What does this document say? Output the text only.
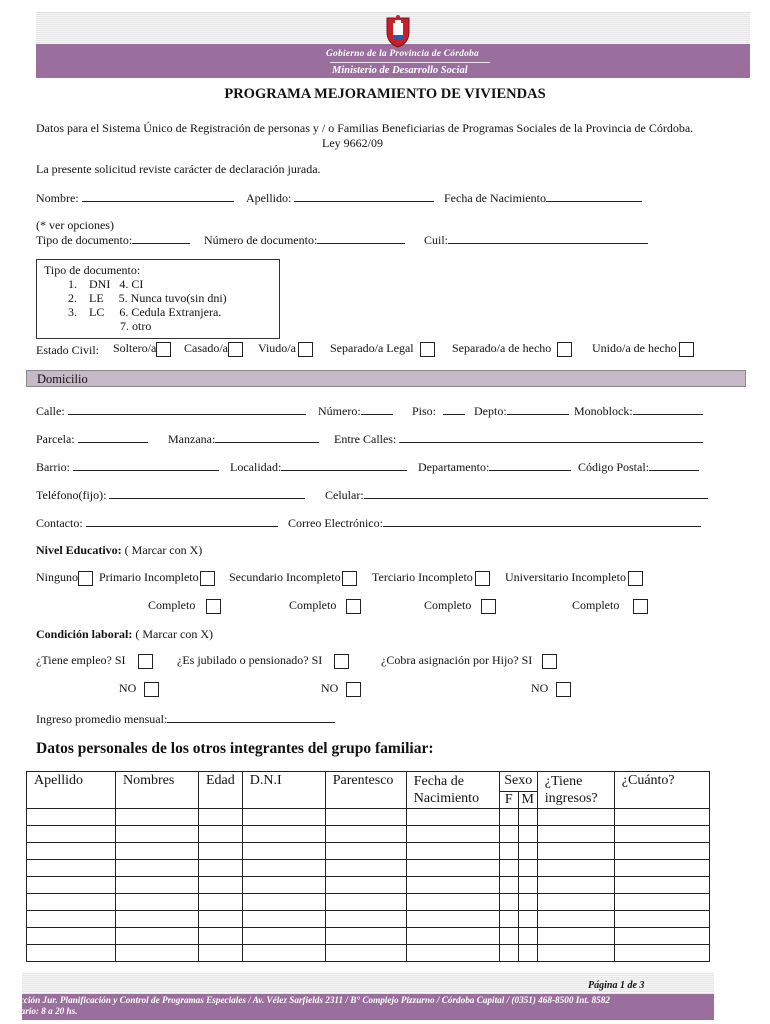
Gobierno de la Provincia de Córdoba
Ministerio de Desarrollo Social
PROGRAMA MEJORAMIENTO DE VIVIENDAS
Datos para el Sistema Único de Registración de personas y / o Familias Beneficiarias de Programas Sociales de la Provincia de Córdoba.
Ley 9662/09
La presente solicitud reviste carácter de declaración jurada.
Nombre:	Apellido:	Fecha de Nacimiento
(* ver opciones)
Tipo de documento:	Número de documento:	Cuil:
Tipo de documento:
1.    DNI   4. CI
2.    LE     5. Nunca tuvo(sin dni)
3.    LC     6. Cedula Extranjera.
7. otro
Estado Civil: Soltero/a	Casado/a	Viudo/a	Separado/a Legal	Separado/a de hecho	Unido/a de hecho
Domicilio
Calle:	Número:	Piso:	Depto:	Monoblock:
Parcela:	Manzana:	Entre Calles:
Barrio:	Localidad:	Departamento:	Código Postal:
Teléfono(fijo):	Celular:
Contacto:	Correo Electrónico:
Nivel Educativo: ( Marcar con X)
Ninguno	Primario Incompleto	Secundario Incompleto	Terciario Incompleto	Universitario Incompleto
Completo	Completo	Completo	Completo
Condición laboral: ( Marcar con X)
¿Tiene empleo? SI	¿Es jubilado o pensionado? SI	¿Cobra asignación por Hijo? SI
NO	NO	NO
Ingreso promedio mensual:
Datos personales de los otros integrantes del grupo familiar:
Apellido	Nombres	Edad	D.N.I	Parentesco	Fecha de Nacimiento	Sexo		¿Tiene ingresos?	¿Cuánto?
						F	M		

Página 1 de 3
Dirección Jur. Planificación y Control de Programas Especiales / Av. Vélez Sarfields 2311 / B° Complejo Pizzurno / Córdoba Capital / (0351) 468-8500 Int. 8582
Horario: 8 a 20 hs.
